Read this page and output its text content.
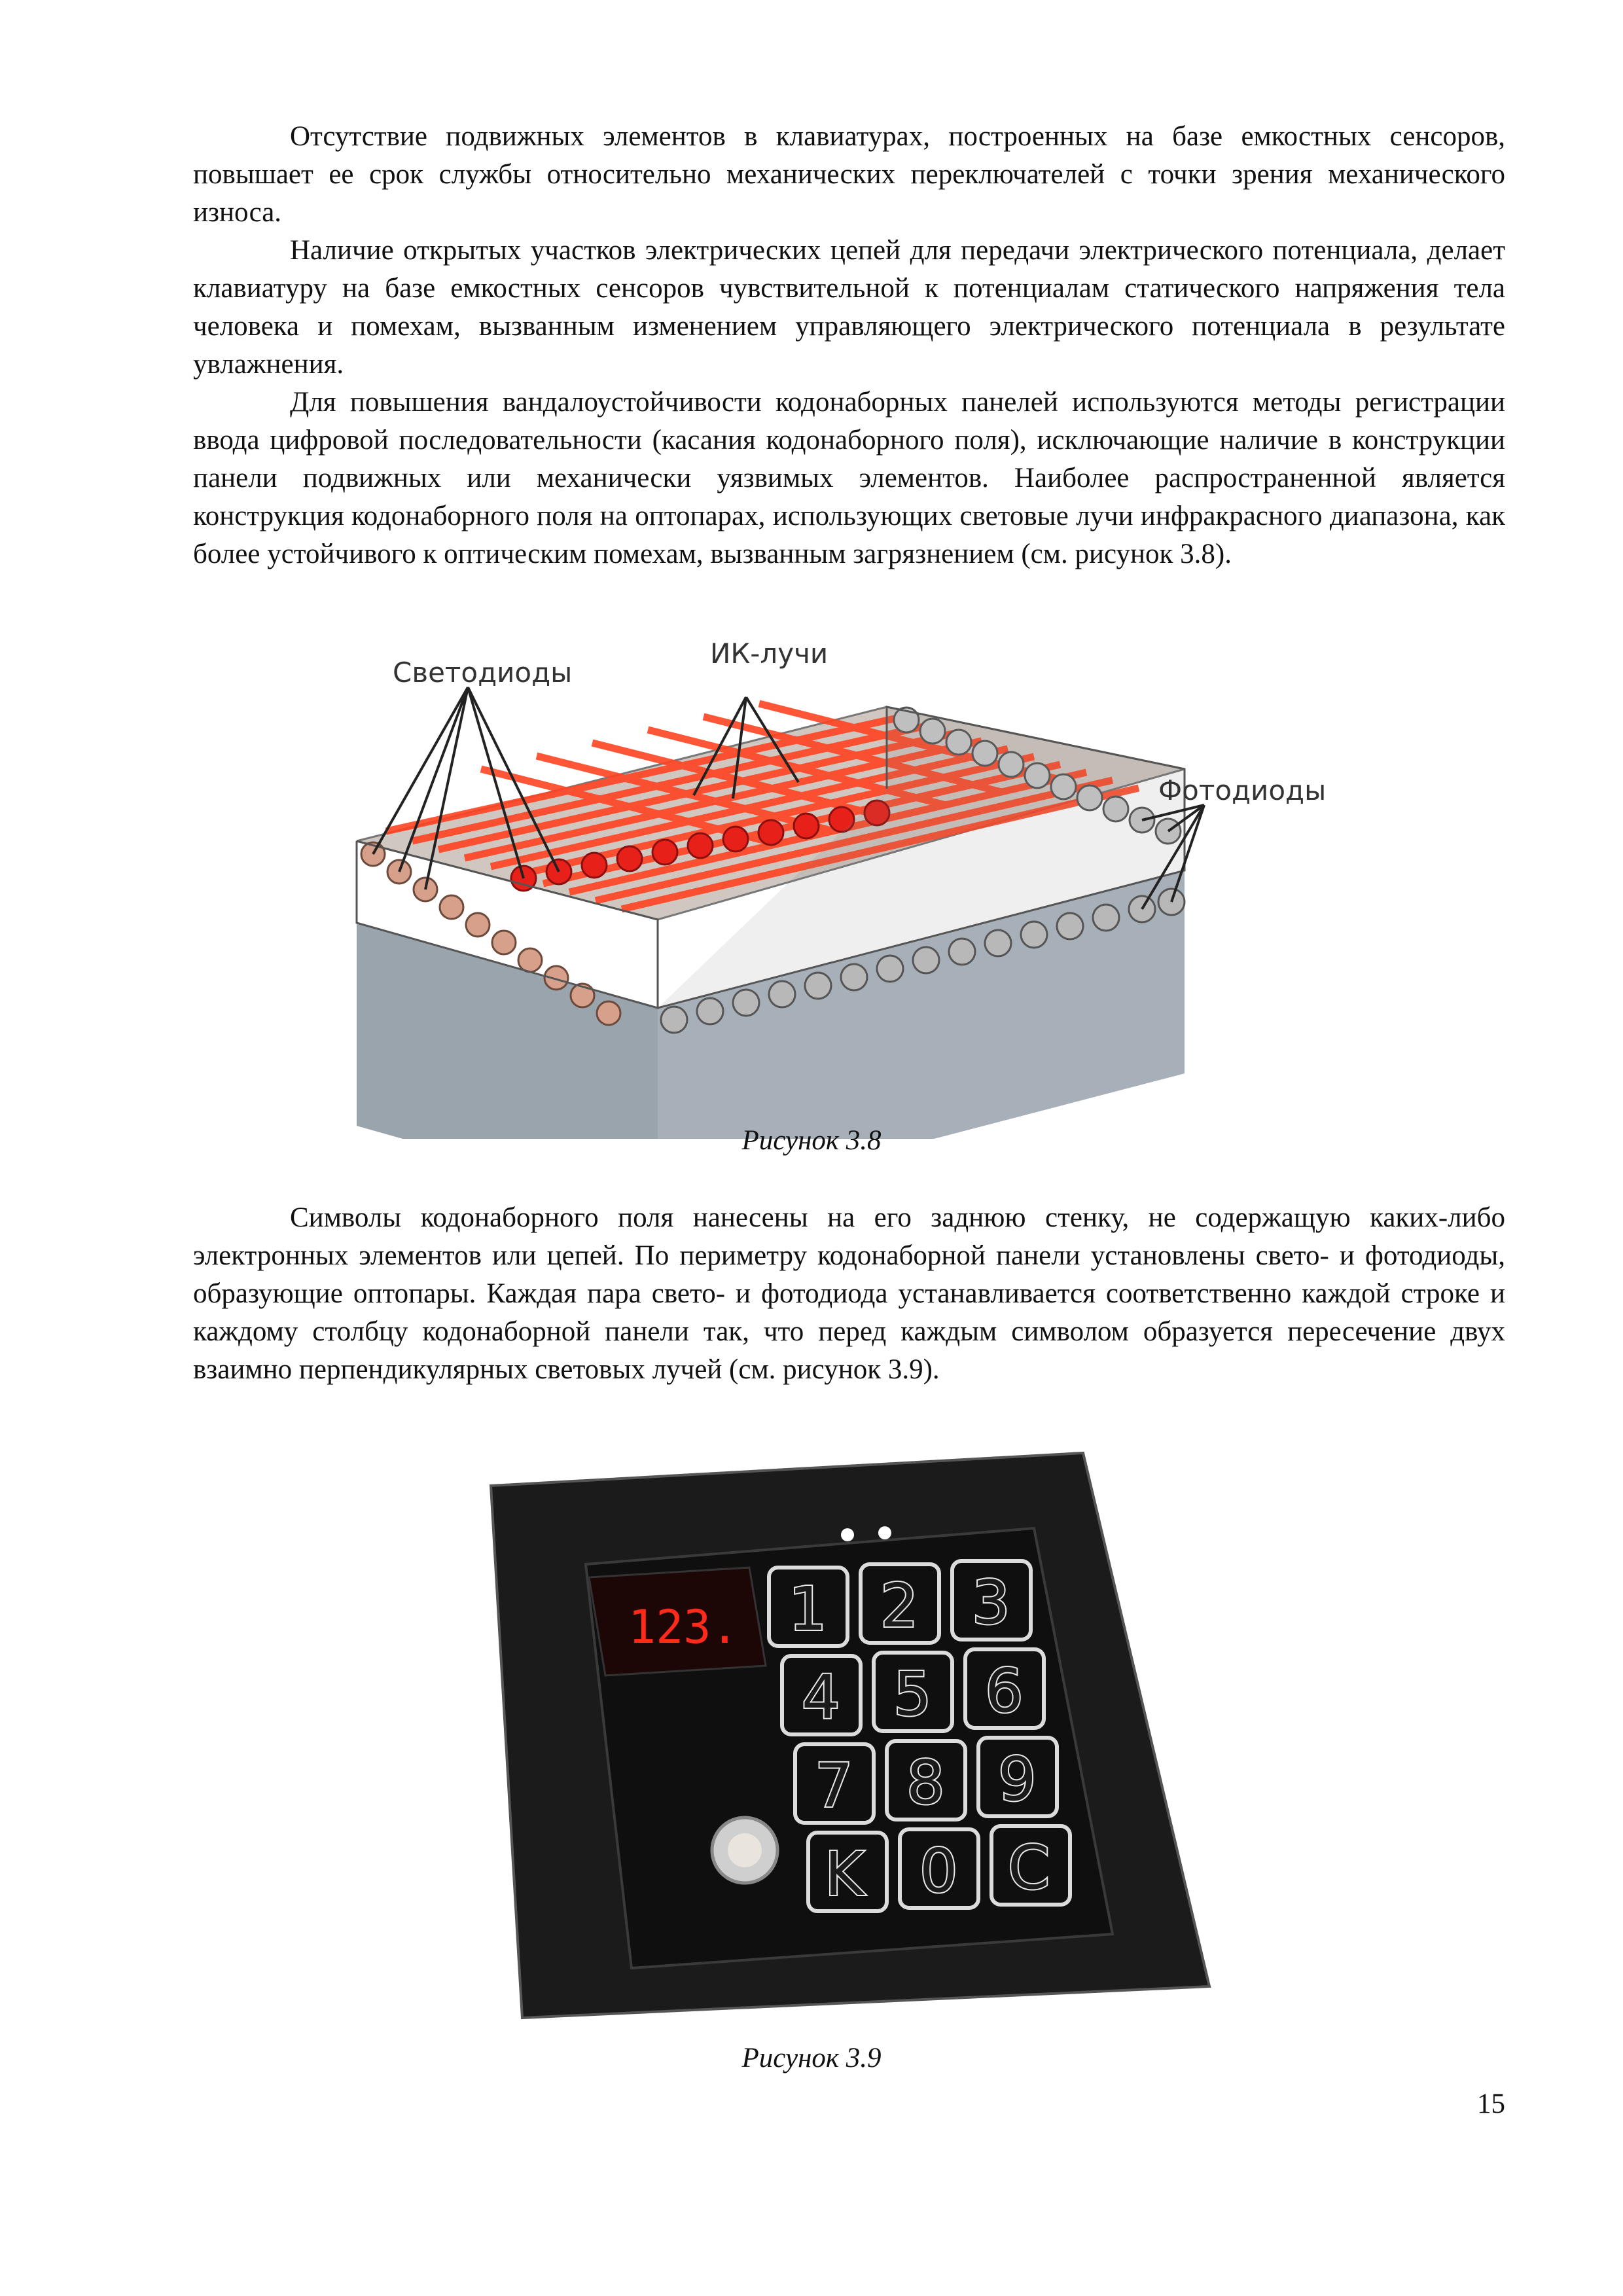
Отсутствие подвижных элементов в клавиатурах, построенных на базе емкостных сенсоров, повышает ее срок службы относительно механических переключателей с точки зрения механического износа.

Наличие открытых участков электрических цепей для передачи электрического потенциала, делает клавиатуру на базе емкостных сенсоров чувствительной к потенциалам статического напряжения тела человека и помехам, вызванным изменением управляющего электрического потенциала в результате увлажнения.

Для повышения вандалоустойчивости кодонаборных панелей используются методы регистрации ввода цифровой последовательности (касания кодонаборного поля), исключающие наличие в конструкции панели подвижных или механически уязвимых элементов. Наиболее распространенной является конструкция кодонаборного поля на оптопарах, использующих световые лучи инфракрасного диапазона, как более устойчивого к оптическим помехам, вызванным загрязнением (см. рисунок 3.8).

Светодиоды
ИК-лучи
Фотодиоды

Рисунок 3.8

Символы кодонаборного поля нанесены на его заднюю стенку, не содержащую каких-либо электронных элементов или цепей. По периметру кодонаборной панели установлены свето- и фотодиоды, образующие оптопары. Каждая пара свето- и фотодиода устанавливается соответственно каждой строке и каждому столбцу кодонаборной панели так, что перед каждым символом образуется пересечение двух взаимно перпендикулярных световых лучей (см. рисунок 3.9).

123. 1 2 3
4 5 6
7 8 9
K 0 C

Рисунок 3.9

15
